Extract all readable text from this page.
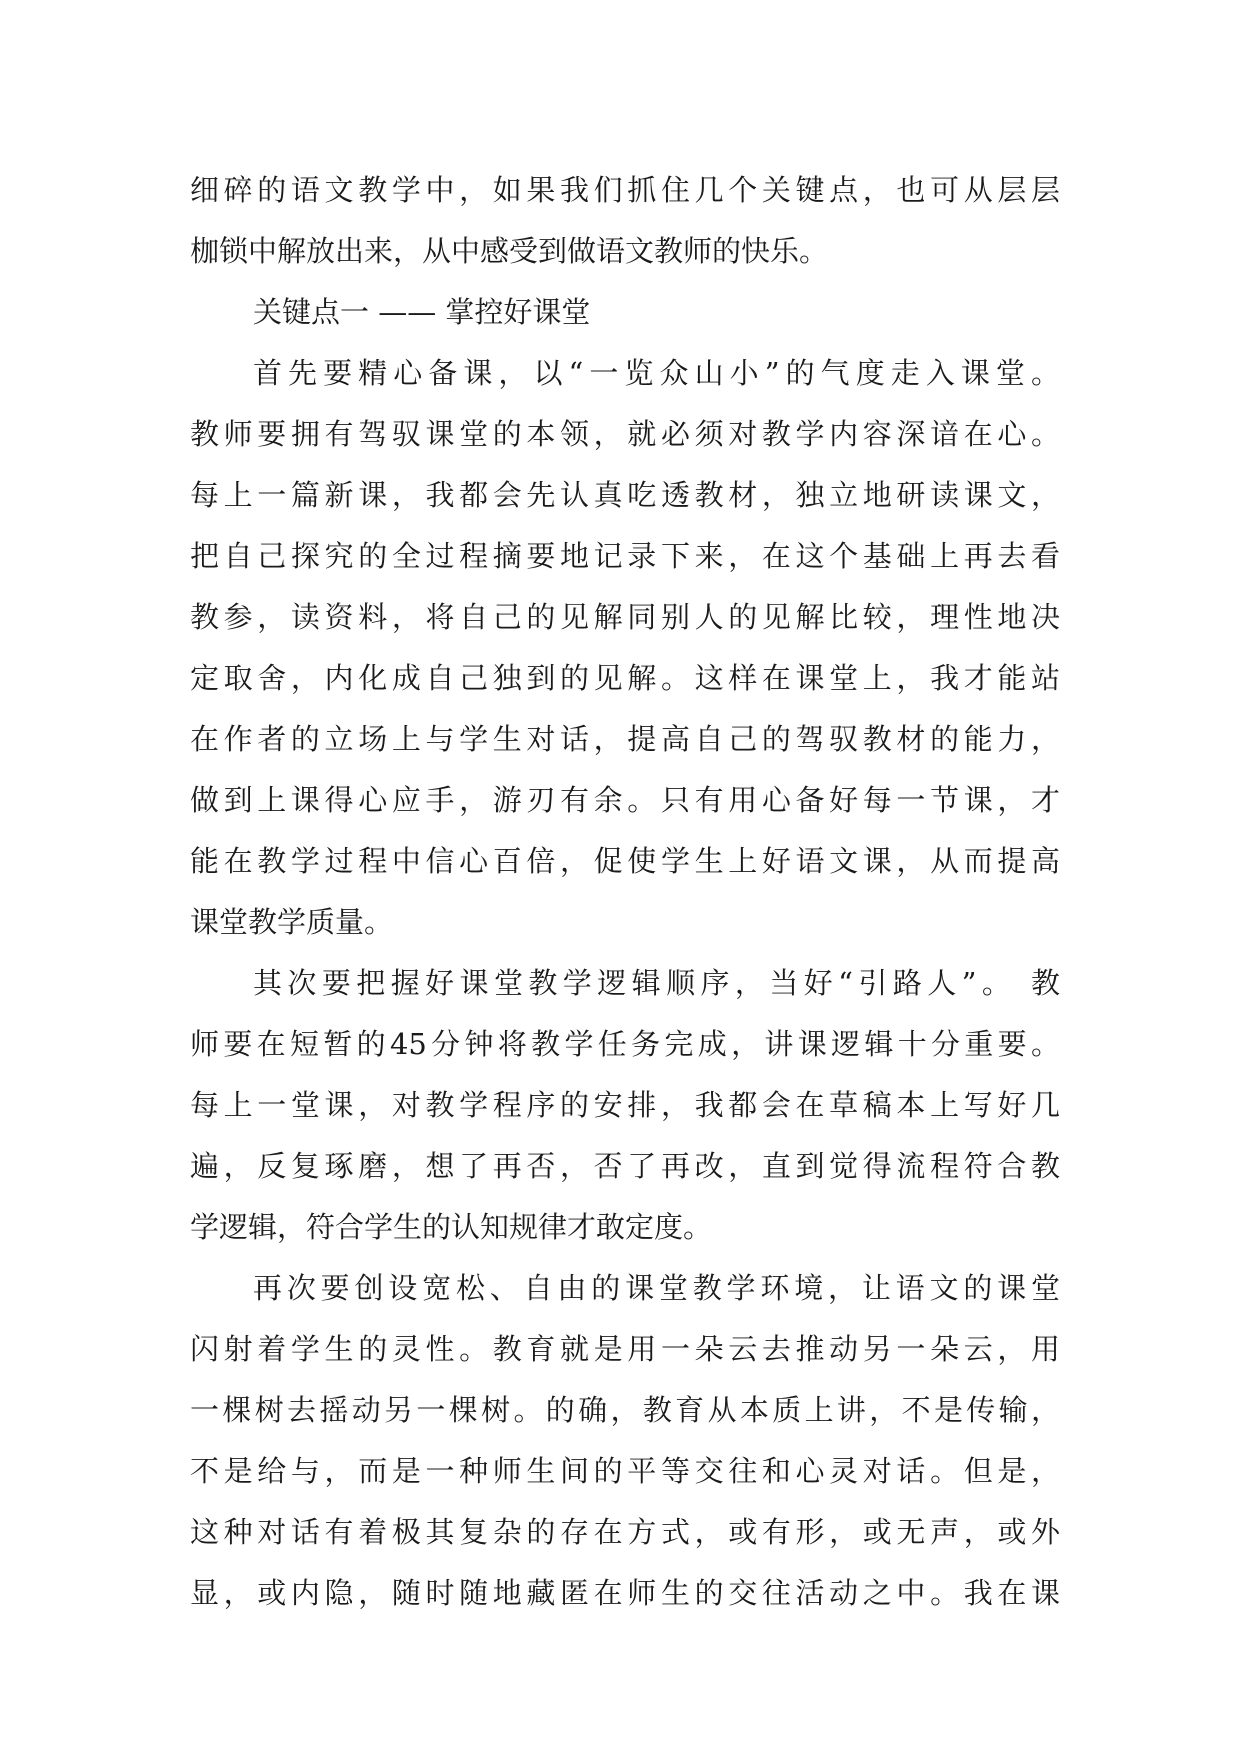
细碎的语文教学中，如果我们抓住几个关键点，也可从层层
枷锁中解放出来，从中感受到做语文教师的快乐。
关键点一 —— 掌控好课堂
首先要精心备课，以“一览众山小”的气度走入课堂。
教师要拥有驾驭课堂的本领，就必须对教学内容深谙在心。
每上一篇新课，我都会先认真吃透教材，独立地研读课文，
把自己探究的全过程摘要地记录下来，在这个基础上再去看
教参，读资料，将自己的见解同别人的见解比较，理性地决
定取舍，内化成自己独到的见解。这样在课堂上，我才能站
在作者的立场上与学生对话，提高自己的驾驭教材的能力，
做到上课得心应手，游刃有余。只有用心备好每一节课，才
能在教学过程中信心百倍，促使学生上好语文课，从而提高
课堂教学质量。
其次要把握好课堂教学逻辑顺序，当好“引路人”。 教
师要在短暂的45分钟将教学任务完成，讲课逻辑十分重要。
每上一堂课，对教学程序的安排，我都会在草稿本上写好几
遍，反复琢磨，想了再否，否了再改，直到觉得流程符合教
学逻辑，符合学生的认知规律才敢定度。
再次要创设宽松、自由的课堂教学环境，让语文的课堂
闪射着学生的灵性。教育就是用一朵云去推动另一朵云，用
一棵树去摇动另一棵树。的确，教育从本质上讲，不是传输，
不是给与，而是一种师生间的平等交往和心灵对话。但是，
这种对话有着极其复杂的存在方式，或有形，或无声，或外
显，或内隐，随时随地藏匿在师生的交往活动之中。我在课
